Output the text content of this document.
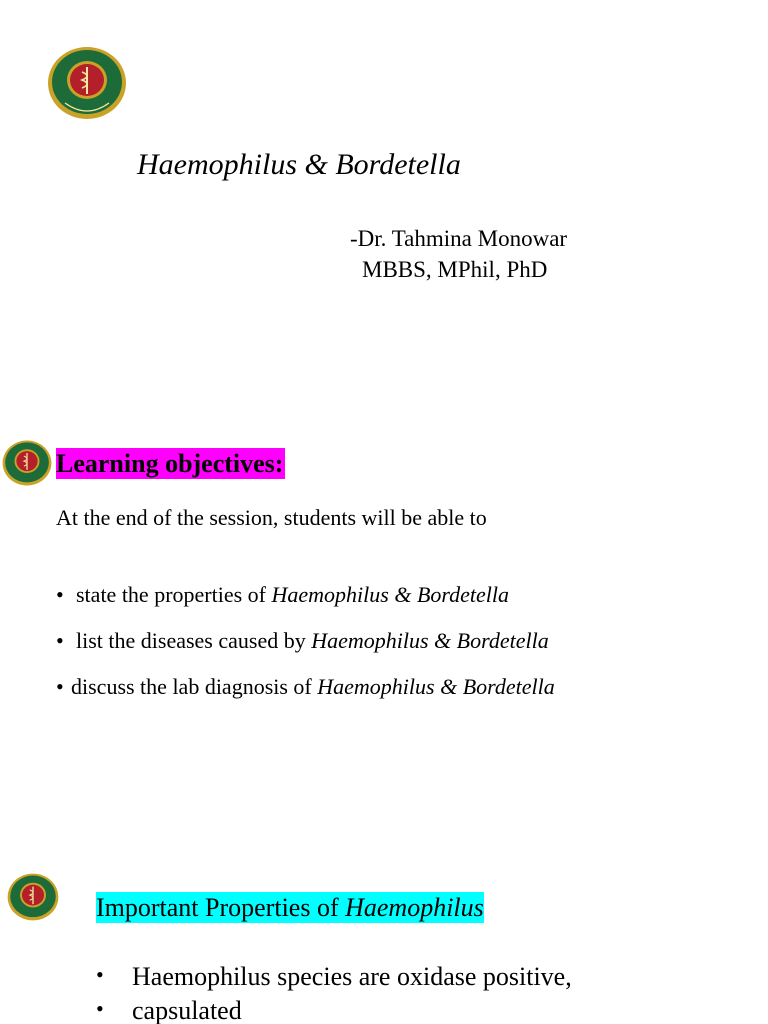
Haemophilus & Bordetella
-Dr. Tahmina Monowar
MBBS, MPhil, PhD
Learning objectives:
At the end of the session, students will be able to
• state the properties of Haemophilus & Bordetella
• list the diseases caused by Haemophilus & Bordetella
• discuss the lab diagnosis of Haemophilus & Bordetella
Important Properties of Haemophilus
• Haemophilus species are oxidase positive,
• capsulated
